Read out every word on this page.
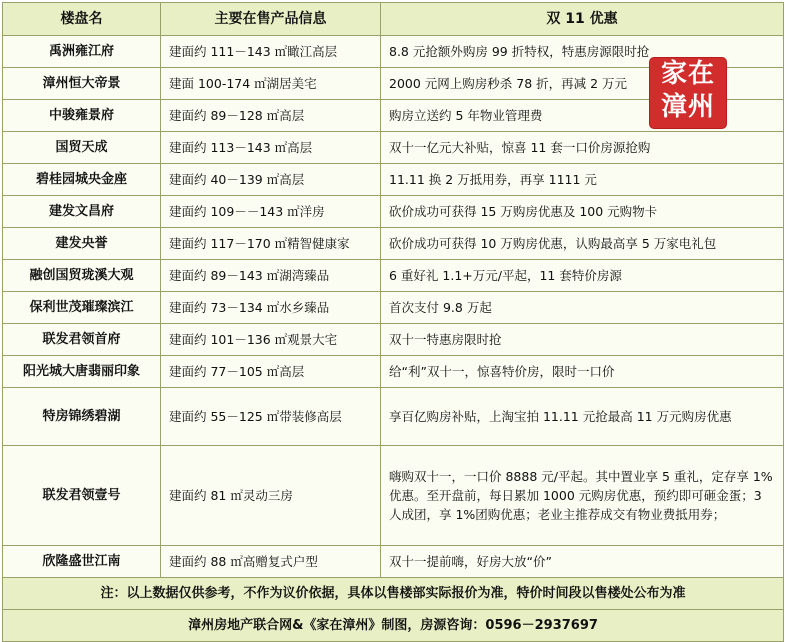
楼盘名	主要在售产品信息	双 11 优惠
禹洲雍江府	建面约 111－143 ㎡瞰江高层	8.8 元抢额外购房 99 折特权，特惠房源限时抢
漳州恒大帝景	建面 100-174 ㎡湖居美宅	2000 元网上购房秒杀 78 折，再减 2 万元
中骏雍景府	建面约 89－128 ㎡高层	购房立送约 5 年物业管理费
国贸天成	建面约 113－143 ㎡高层	双十一亿元大补贴，惊喜 11 套一口价房源抢购
碧桂园城央金座	建面约 40－139 ㎡高层	11.11 换 2 万抵用券，再享 1111 元
建发文昌府	建面约 109－－143 ㎡洋房	砍价成功可获得 15 万购房优惠及 100 元购物卡
建发央誉	建面约 117－170 ㎡精智健康家	砍价成功可获得 10 万购房优惠，认购最高享 5 万家电礼包
融创国贸珑溪大观	建面约 89－143 ㎡湖湾臻品	6 重好礼 1.1+万元/平起，11 套特价房源
保利世茂璀璨滨江	建面约 73－134 ㎡水乡臻品	首次支付 9.8 万起
联发君领首府	建面约 101－136 ㎡观景大宅	双十一特惠房限时抢
阳光城大唐翡丽印象	建面约 77－105 ㎡高层	给“利”双十一，惊喜特价房，限时一口价
特房锦绣碧湖	建面约 55－125 ㎡带装修高层	享百亿购房补贴，上淘宝拍 11.11 元抢最高 11 万元购房优惠
联发君领壹号	建面约 81 ㎡灵动三房	嗨购双十一，一口价 8888 元/平起。其中置业享 5 重礼，定存享 1%优惠。至开盘前，每日累加 1000 元购房优惠，预约即可砸金蛋；3 人成团，享 1%团购优惠；老业主推荐成交有物业费抵用券；
欣隆盛世江南	建面约 88 ㎡高赠复式户型	双十一提前嗨，好房大放“价”
注：以上数据仅供参考，不作为议价依据，具体以售楼部实际报价为准，特价时间段以售楼处公布为准		
漳州房地产联合网&《家在漳州》制图，房源咨询：0596－2937697		
家在
漳州
